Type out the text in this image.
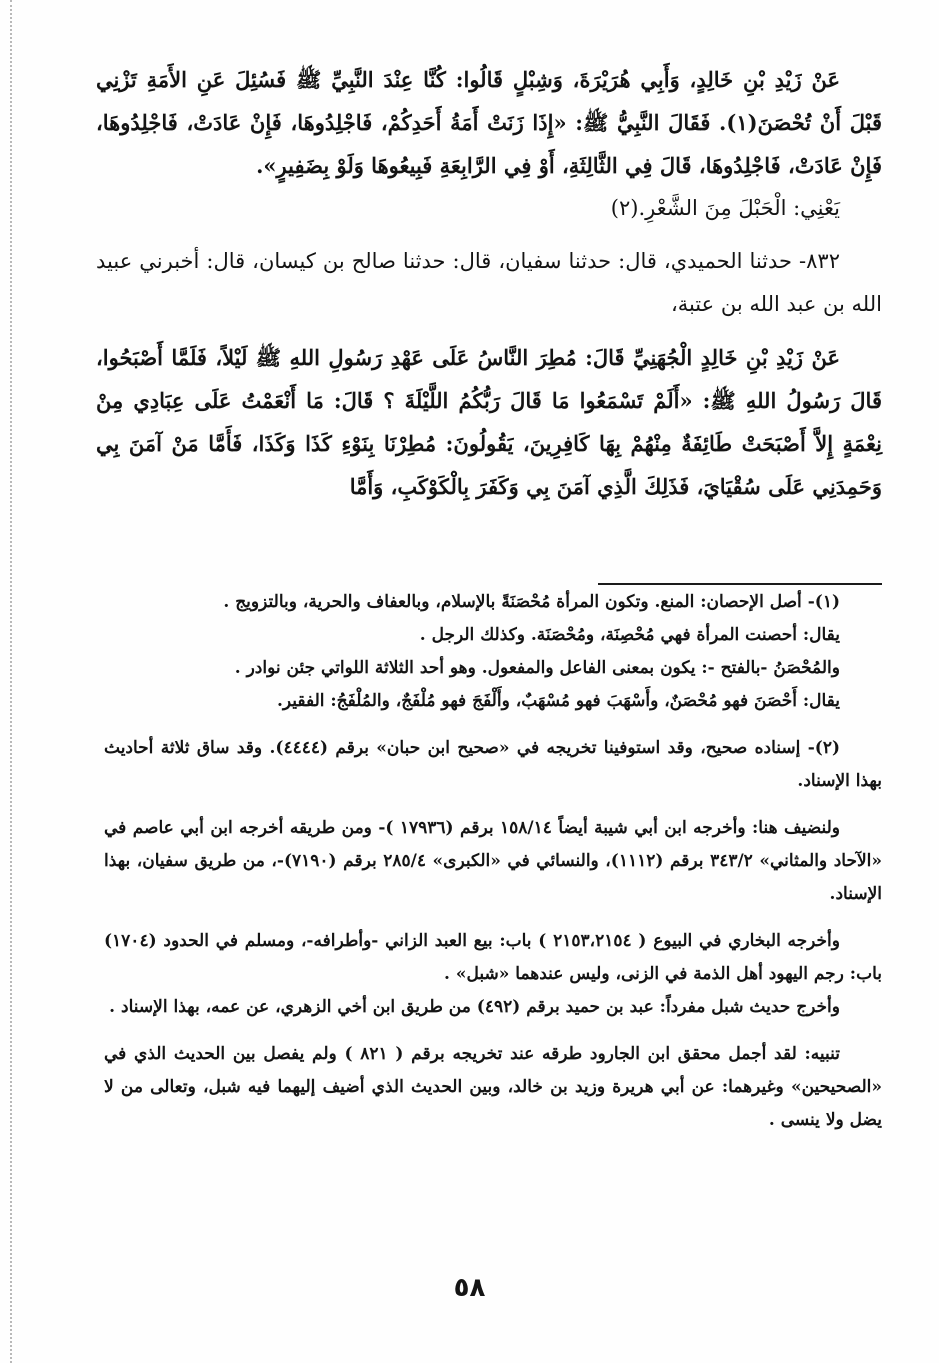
عَنْ زَيْدِ بْنِ خَالِدٍ، وَأَبِي هُرَيْرَةَ، وَشِبْلٍ قَالُوا: كُنَّا عِنْدَ النَّبِيِّ ﷺ فَسُئِلَ عَنِ الأَمَةِ تَزْنِي قَبْلَ أَنْ تُحْصَنَ(١). فَقَالَ النَّبِيُّ ﷺ: «إِذَا زَنَتْ أَمَةُ أَحَدِكُمْ، فَاجْلِدُوهَا، فَإِنْ عَادَتْ، فَاجْلِدُوهَا، فَإِنْ عَادَتْ، فَاجْلِدُوهَا، قَالَ فِي الثَّالِثَةِ، أَوْ فِي الرَّابِعَةِ فَبِيعُوهَا وَلَوْ بِضَفِيرٍ».

يَعْنِي: الْحَبْلَ مِنَ الشَّعْرِ.(٢)

٨٣٢- حدثنا الحميدي، قال: حدثنا سفيان، قال: حدثنا صالح بن كيسان، قال: أخبرني عبيد الله بن عبد الله بن عتبة،

عَنْ زَيْدِ بْنِ خَالِدٍ الْجُهَنِيِّ قَالَ: مُطِرَ النَّاسُ عَلَى عَهْدِ رَسُولِ اللهِ ﷺ لَيْلاً، فَلَمَّا أَصْبَحُوا، قَالَ رَسُولُ اللهِ ﷺ: «أَلَمْ تَسْمَعُوا مَا قَالَ رَبُّكُمُ اللَّيْلَةَ ؟ قَالَ: مَا أَنْعَمْتُ عَلَى عِبَادِي مِنْ نِعْمَةٍ إِلاَّ أَصْبَحَتْ طَائِفَةٌ مِنْهُمْ بِهَا كَافِرِينَ، يَقُولُونَ: مُطِرْنَا بِنَوْءِ كَذَا وَكَذَا، فَأَمَّا مَنْ آمَنَ بِي وَحَمِدَنِي عَلَى سُقْيَايَ، فَذَلِكَ الَّذِي آمَنَ بِي وَكَفَرَ بِالْكَوْكَبِ، وَأَمَّا

(١)- أصل الإحصان: المنع. وتكون المرأة مُحْصَنَةً بالإسلام، وبالعفاف والحرية، وبالتزويج .

يقال: أحصنت المرأة فهي مُحْصِنَة، ومُحْصَنَة. وكذلك الرجل .

والمُحْصَنُ -بالفتح -: يكون بمعنى الفاعل والمفعول. وهو أحد الثلاثة اللواتي جئن نوادر .

يقال: أَحْصَنَ فهو مُحْصَنٌ، وأَسْهَبَ فهو مُسْهَبٌ، وأَلْفَجَ فهو مُلْفَجٌ، والمُلْفَجُ: الفقير.

(٢)- إسناده صحيح، وقد استوفينا تخريجه في «صحيح ابن حبان» برقم (٤٤٤٤). وقد ساق ثلاثة أحاديث بهذا الإسناد.

ولنضيف هنا: وأخرجه ابن أبي شيبة أيضاً ١٥٨/١٤ برقم (١٧٩٣٦ )- ومن طريقه أخرجه ابن أبي عاصم في «الآحاد والمثاني» ٣٤٣/٢ برقم (١١١٢)، والنسائي في «الكبرى» ٢٨٥/٤ برقم (٧١٩٠)-، من طريق سفيان، بهذا الإسناد.

وأخرجه البخاري في البيوع ( ٢١٥٣،٢١٥٤ ) باب: بيع العبد الزاني -وأطرافه-، ومسلم في الحدود (١٧٠٤) باب: رجم اليهود أهل الذمة في الزنى، وليس عندهما «شبل» .

وأخرج حديث شبل مفرداً: عبد بن حميد برقم (٤٩٢) من طريق ابن أخي الزهري، عن عمه، بهذا الإسناد .

تنبيه: لقد أجمل محقق ابن الجارود طرقه عند تخريجه برقم ( ٨٢١ ) ولم يفصل بين الحديث الذي في «الصحيحين» وغيرهما: عن أبي هريرة وزيد بن خالد، وبين الحديث الذي أضيف إليهما فيه شبل، وتعالى من لا يضل ولا ينسى .

٥٨
